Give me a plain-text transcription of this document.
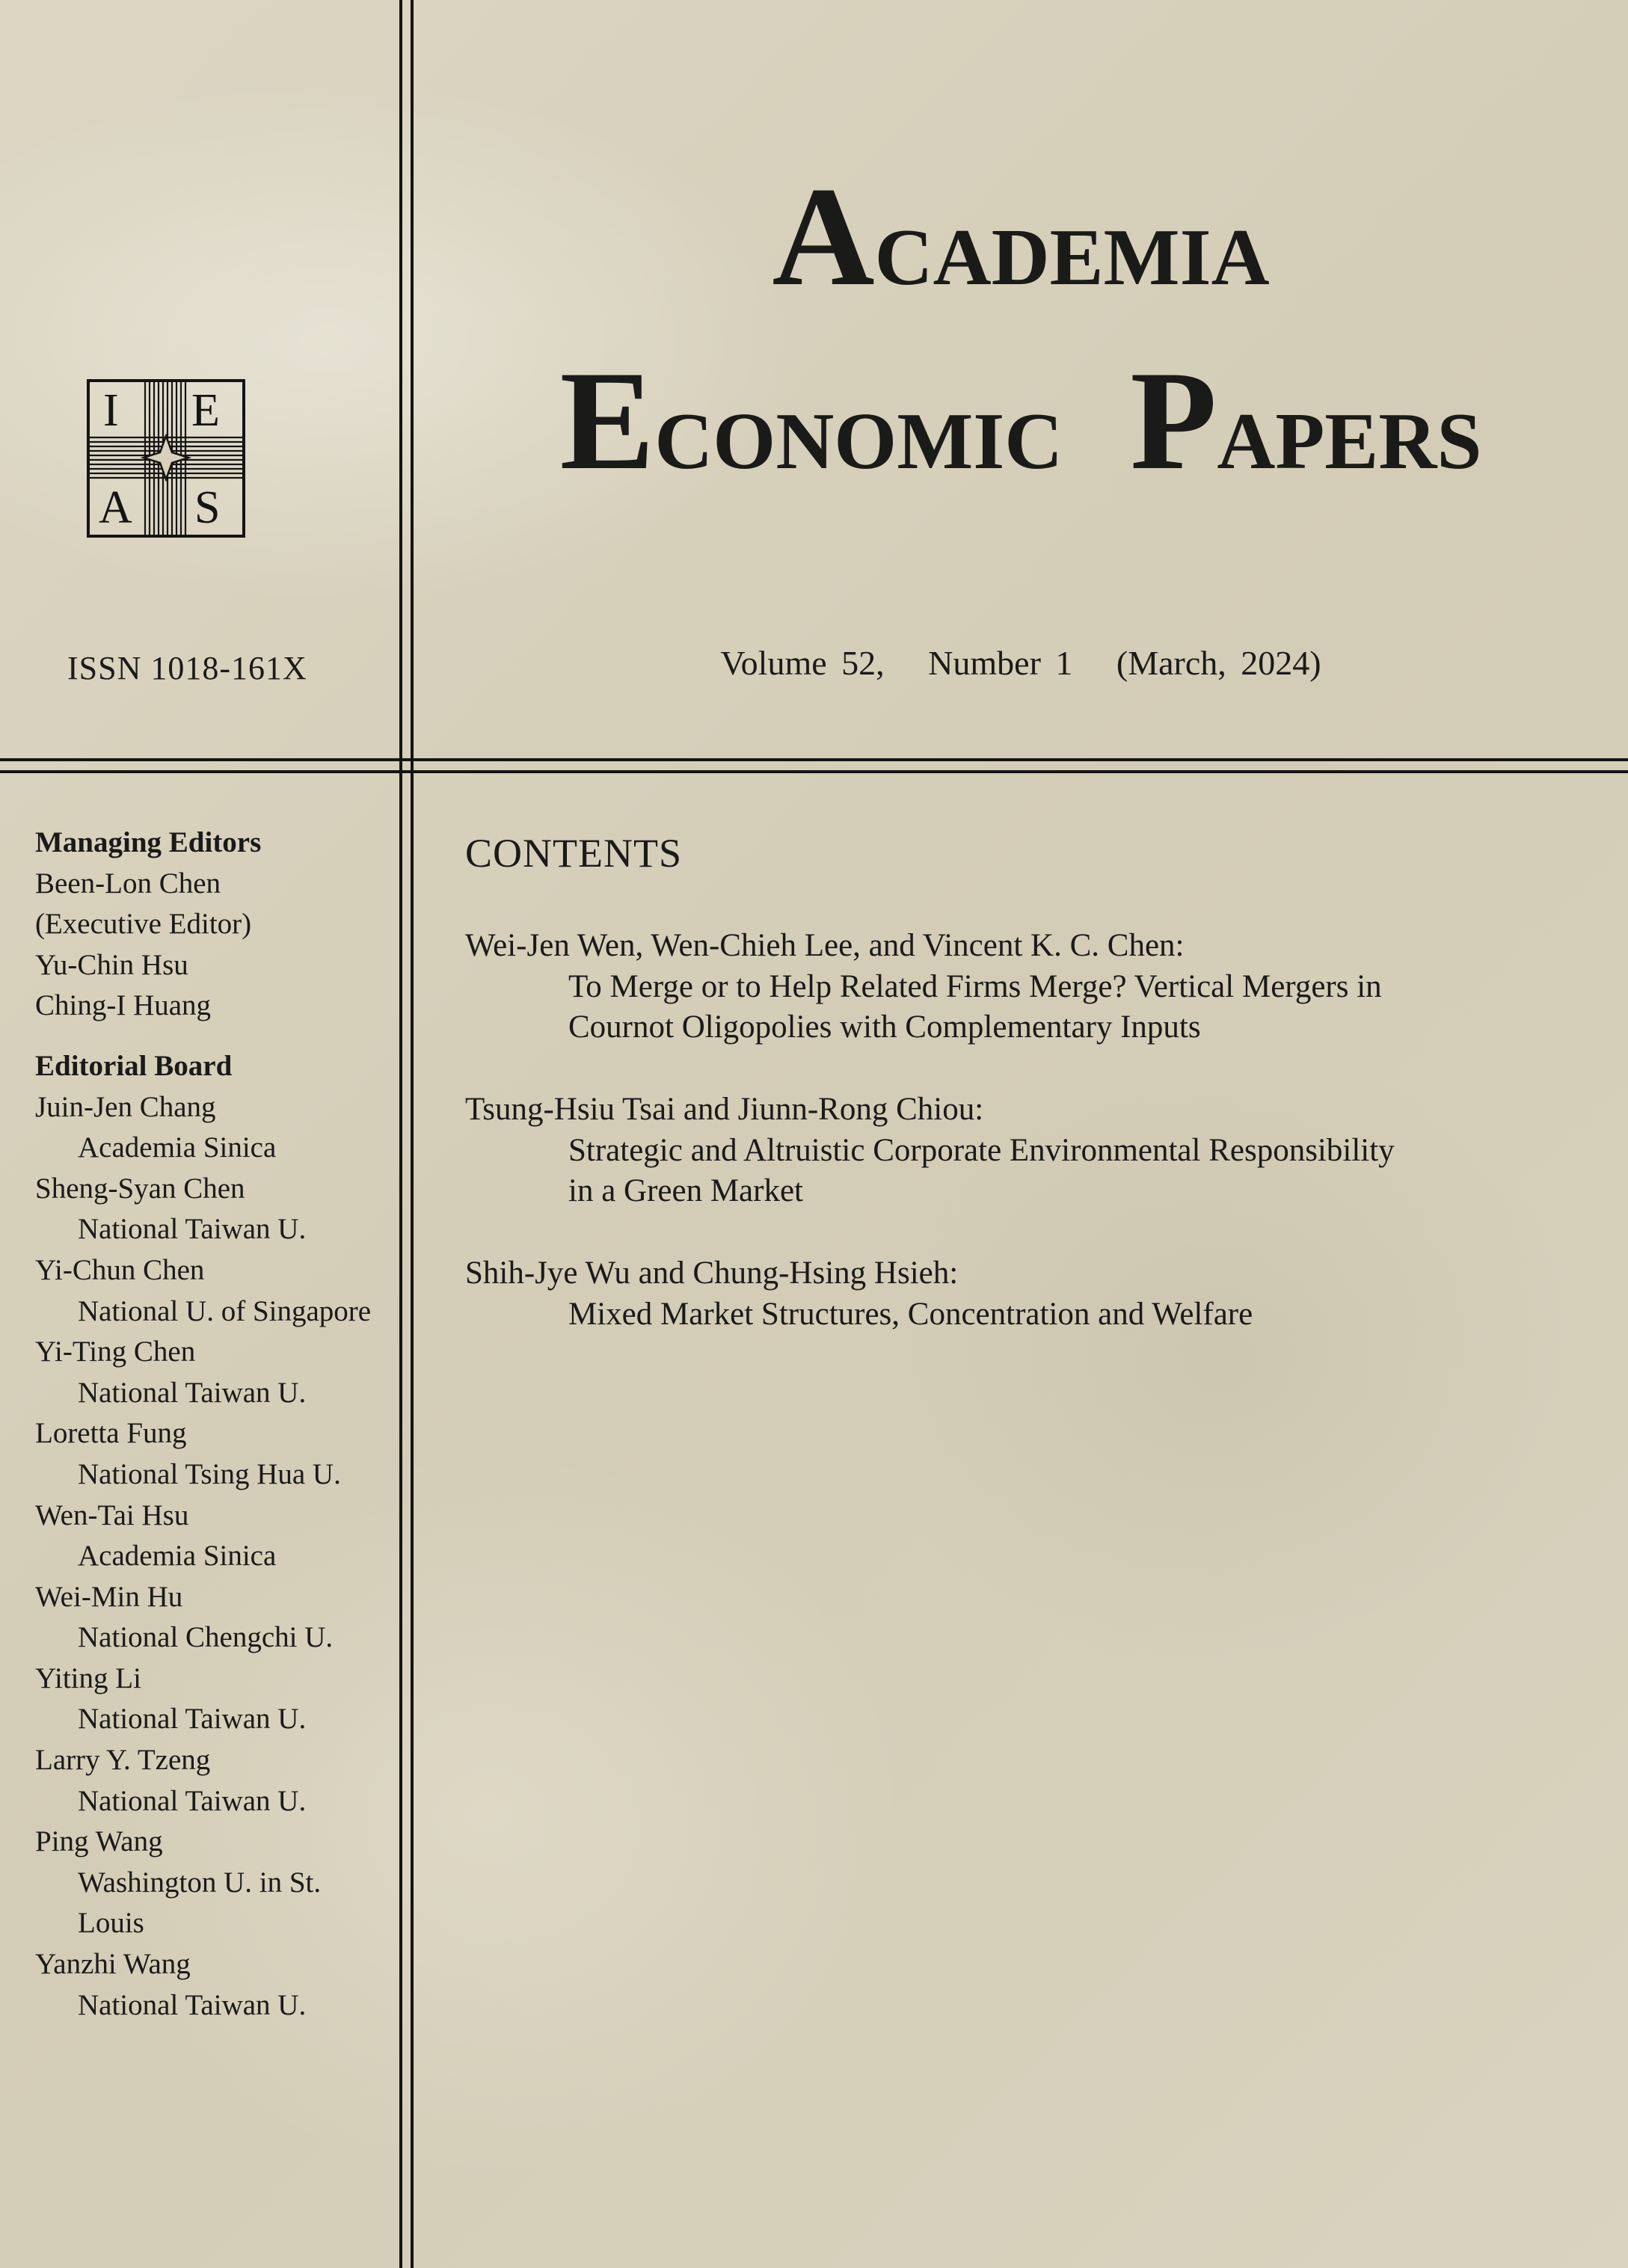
I E
A S
ISSN 1018-161X
ACADEMIA
ECONOMIC PAPERS
Volume 52,   Number 1   (March, 2024)
Managing Editors
Been-Lon Chen
(Executive Editor)
Yu-Chin Hsu
Ching-I Huang
Editorial Board
Juin-Jen Chang
Academia Sinica
Sheng-Syan Chen
National Taiwan U.
Yi-Chun Chen
National U. of Singapore
Yi-Ting Chen
National Taiwan U.
Loretta Fung
National Tsing Hua U.
Wen-Tai Hsu
Academia Sinica
Wei-Min Hu
National Chengchi U.
Yiting Li
National Taiwan U.
Larry Y. Tzeng
National Taiwan U.
Ping Wang
Washington U. in St. Louis
Yanzhi Wang
National Taiwan U.
CONTENTS
Wei-Jen Wen, Wen-Chieh Lee, and Vincent K. C. Chen:
To Merge or to Help Related Firms Merge? Vertical Mergers in
Cournot Oligopolies with Complementary Inputs
Tsung-Hsiu Tsai and Jiunn-Rong Chiou:
Strategic and Altruistic Corporate Environmental Responsibility
in a Green Market
Shih-Jye Wu and Chung-Hsing Hsieh:
Mixed Market Structures, Concentration and Welfare
